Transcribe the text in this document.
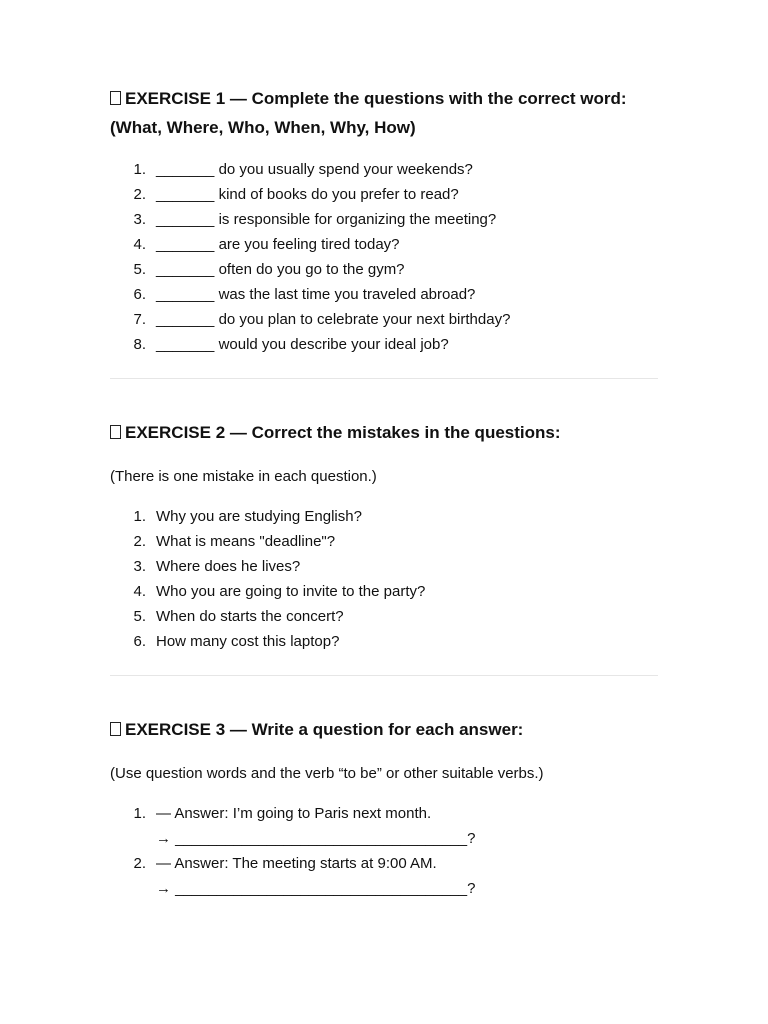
EXERCISE 1 — Complete the questions with the correct word:

(What, Where, Who, When, Why, How)

1. _______ do you usually spend your weekends?
2. _______ kind of books do you prefer to read?
3. _______ is responsible for organizing the meeting?
4. _______ are you feeling tired today?
5. _______ often do you go to the gym?
6. _______ was the last time you traveled abroad?
7. _______ do you plan to celebrate your next birthday?
8. _______ would you describe your ideal job?

EXERCISE 2 — Correct the mistakes in the questions:

(There is one mistake in each question.)

1. Why you are studying English?
2. What is means "deadline"?
3. Where does he lives?
4. Who you are going to invite to the party?
5. When do starts the concert?
6. How many cost this laptop?

EXERCISE 3 — Write a question for each answer:

(Use question words and the verb “to be” or other suitable verbs.)

1. — Answer: I’m going to Paris next month.
→ ___________________________________?
2. — Answer: The meeting starts at 9:00 AM.
→ ___________________________________?
